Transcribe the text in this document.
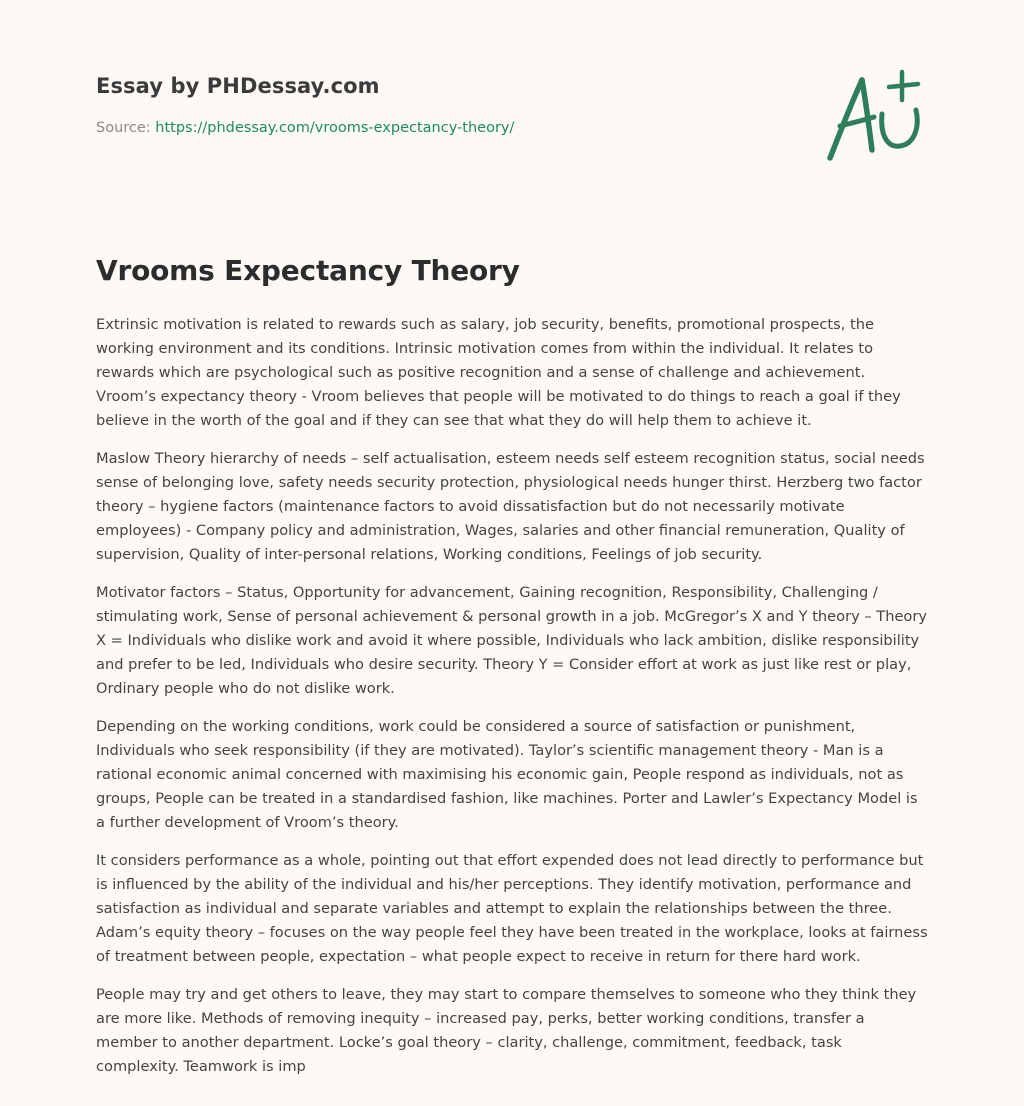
Essay by PHDessay.com
Source: https://phdessay.com/vrooms-expectancy-theory/
Vrooms Expectancy Theory

Extrinsic motivation is related to rewards such as salary, job security, benefits, promotional prospects, the working environment and its conditions. Intrinsic motivation comes from within the individual. It relates to rewards which are psychological such as positive recognition and a sense of challenge and achievement. Vroom’s expectancy theory - Vroom believes that people will be motivated to do things to reach a goal if they believe in the worth of the goal and if they can see that what they do will help them to achieve it.

Maslow Theory hierarchy of needs – self actualisation, esteem needs self esteem recognition status, social needs sense of belonging love, safety needs security protection, physiological needs hunger thirst. Herzberg two factor theory – hygiene factors (maintenance factors to avoid dissatisfaction but do not necessarily motivate employees) - Company policy and administration, Wages, salaries and other financial remuneration, Quality of supervision, Quality of inter-personal relations, Working conditions, Feelings of job security.

Motivator factors – Status, Opportunity for advancement, Gaining recognition, Responsibility, Challenging / stimulating work, Sense of personal achievement & personal growth in a job. McGregor’s X and Y theory – Theory X = Individuals who dislike work and avoid it where possible, Individuals who lack ambition, dislike responsibility and prefer to be led, Individuals who desire security. Theory Y = Consider effort at work as just like rest or play, Ordinary people who do not dislike work.

Depending on the working conditions, work could be considered a source of satisfaction or punishment, Individuals who seek responsibility (if they are motivated). Taylor’s scientific management theory - Man is a rational economic animal concerned with maximising his economic gain, People respond as individuals, not as groups, People can be treated in a standardised fashion, like machines. Porter and Lawler’s Expectancy Model is a further development of Vroom’s theory.

It considers performance as a whole, pointing out that effort expended does not lead directly to performance but is influenced by the ability of the individual and his/her perceptions. They identify motivation, performance and satisfaction as individual and separate variables and attempt to explain the relationships between the three. Adam’s equity theory – focuses on the way people feel they have been treated in the workplace, looks at fairness of treatment between people, expectation – what people expect to receive in return for there hard work.

People may try and get others to leave, they may start to compare themselves to someone who they think they are more like. Methods of removing inequity – increased pay, perks, better working conditions, transfer a member to another department. Locke’s goal theory – clarity, challenge, commitment, feedback, task complexity. Teamwork is imp
